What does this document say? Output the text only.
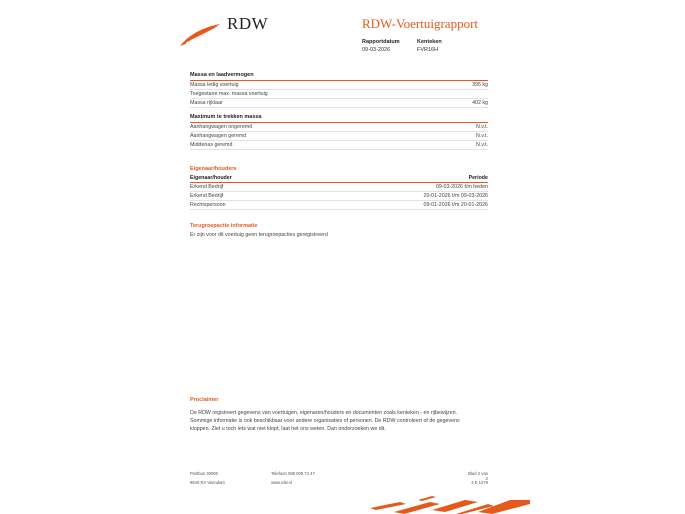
RDW	RDW-Voertuigrapport
Rapportdatum	Kenteken
09-03-2026	FVR16H
Massa en laadvermogen
Massa ledig voertuig	395 kg
Toegestane max. massa voertuig
Massa rijklaar	402 kg
Maximum te trekken massa
Aanhangwagen ongeremd	N.v.t.
Aanhangwagen geremd	N.v.t.
Middenas geremd	N.v.t.
Eigenaar/houders
Eigenaar/houder	Periode
Erkend Bedrijf	09-03-2026 t/m heden
Erkend Bedrijf	20-01-2026 t/m 09-03-2026
Rechtspersoon	09-01-2026 t/m 20-01-2026
Terugroepactie informatie
Er zijn voor dit voertuig geen terugroepacties geregistreerd
Proclaimer
De RDW registreert gegevens van voertuigen, eigenaren/houders en documenten zoals kenteken - en rijbewijzen.
Sommige informatie is ook beschikbaar voor andere organisaties of personen. De RDW controleert of de gegevens
kloppen. Ziet u toch iets wat niet klopt, laat het ons weten. Dan onderzoeken we dit.
Postbus 30000
9640 RA Veendam
Telefoon 088 008 74 47
www.rdw.nl
Blad 2 van 2
3 E 1079
